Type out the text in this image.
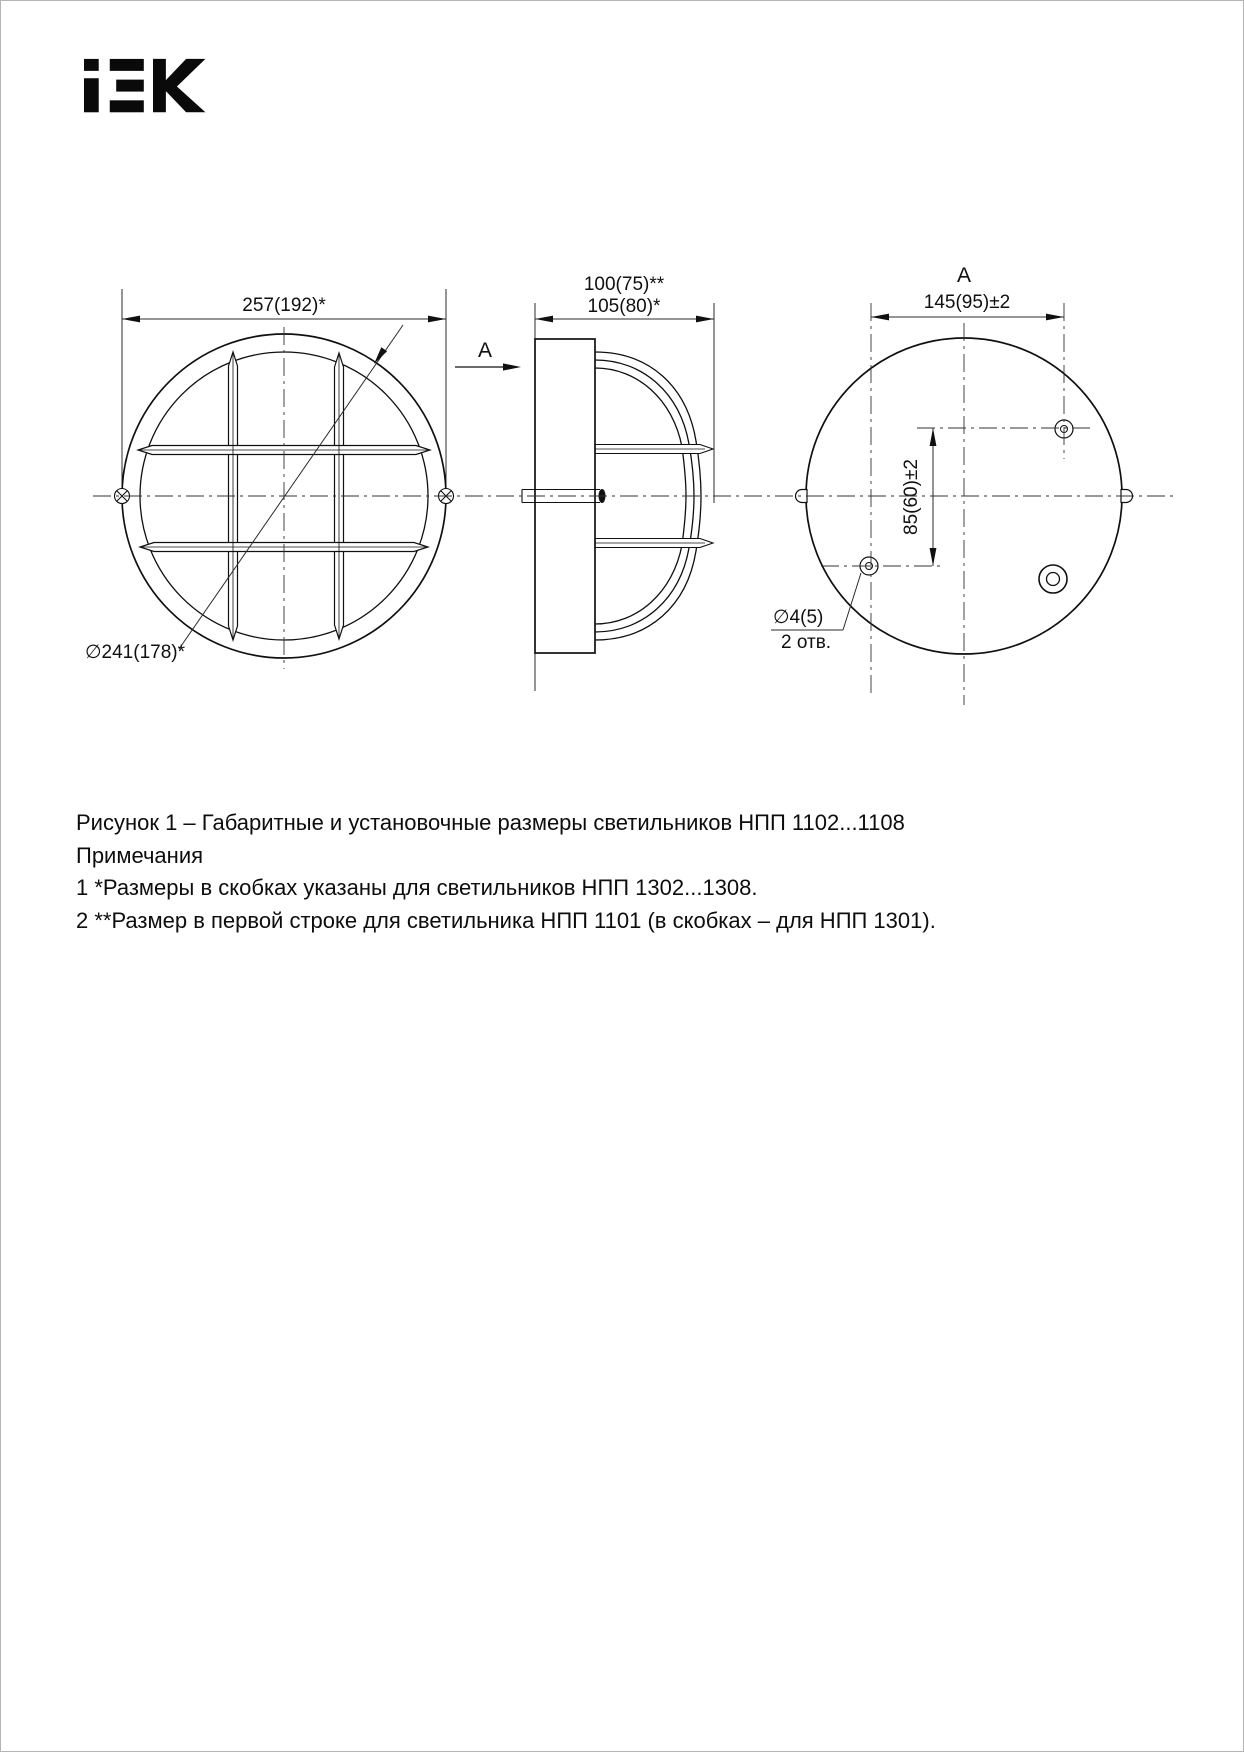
257(192)*
∅241(178)*
100(75)**
105(80)*
A
A
145(95)±2
85(60)±2
∅4(5)
2 отв.
Рисунок 1 – Габаритные и установочные размеры светильников НПП 1102...1108
Примечания
1 *Размеры в скобках указаны для светильников НПП 1302...1308.
2 **Размер в первой строке для светильника НПП 1101 (в скобках – для НПП 1301).
